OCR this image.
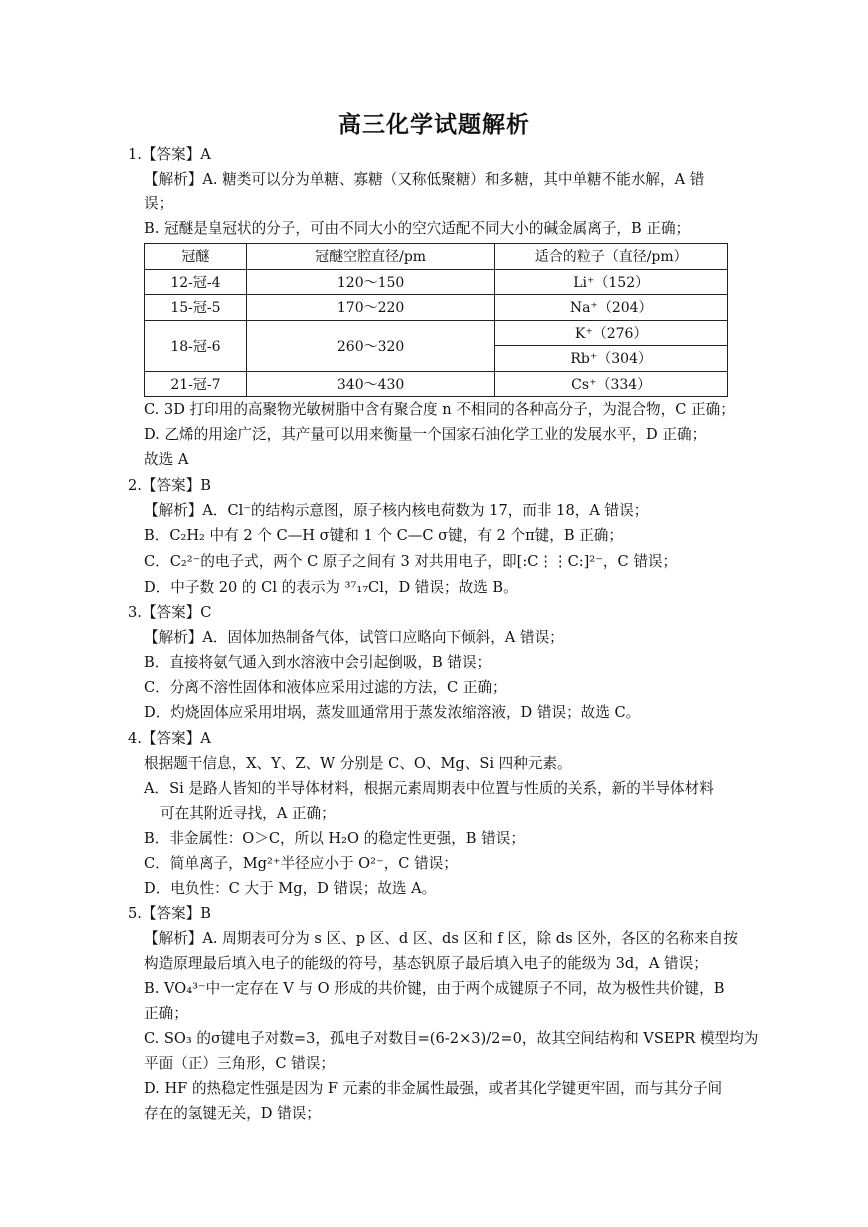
高三化学试题解析
1.【答案】A
【解析】A. 糖类可以分为单糖、寡糖（又称低聚糖）和多糖，其中单糖不能水解，A 错
误；
B. 冠醚是皇冠状的分子，可由不同大小的空穴适配不同大小的碱金属离子，B 正确；
冠醚	冠醚空腔直径/pm	适合的粒子（直径/pm）
12-冠-4	120～150	Li⁺（152）
15-冠-5	170～220	Na⁺（204）
18-冠-6	260～320	K⁺（276）
		Rb⁺（304）
21-冠-7	340～430	Cs⁺（334）
C. 3D 打印用的高聚物光敏树脂中含有聚合度 n 不相同的各种高分子，为混合物，C 正确；
D. 乙烯的用途广泛，其产量可以用来衡量一个国家石油化学工业的发展水平，D 正确；
故选 A
2.【答案】B
【解析】A．Cl⁻的结构示意图，原子核内核电荷数为 17，而非 18，A 错误；
B．C₂H₂ 中有 2 个 C—H σ键和 1 个 C—C σ键，有 2 个π键，B 正确；
C．C₂²⁻的电子式，两个 C 原子之间有 3 对共用电子，即[:C⋮⋮C:]²⁻，C 错误；
D．中子数 20 的 Cl 的表示为 ³⁷₁₇Cl，D 错误；故选 B。
3.【答案】C
【解析】A．固体加热制备气体，试管口应略向下倾斜，A 错误；
B．直接将氨气通入到水溶液中会引起倒吸，B 错误；
C．分离不溶性固体和液体应采用过滤的方法，C 正确；
D．灼烧固体应采用坩埚，蒸发皿通常用于蒸发浓缩溶液，D 错误；故选 C。
4.【答案】A
根据题干信息，X、Y、Z、W 分别是 C、O、Mg、Si 四种元素。
A．Si 是路人皆知的半导体材料，根据元素周期表中位置与性质的关系，新的半导体材料
可在其附近寻找，A 正确；
B．非金属性：O＞C，所以 H₂O 的稳定性更强，B 错误；
C．简单离子，Mg²⁺半径应小于 O²⁻，C 错误；
D．电负性：C 大于 Mg，D 错误；故选 A。
5.【答案】B
【解析】A. 周期表可分为 s 区、p 区、d 区、ds 区和 f 区，除 ds 区外，各区的名称来自按
构造原理最后填入电子的能级的符号，基态钒原子最后填入电子的能级为 3d，A 错误；
B. VO₄³⁻中一定存在 V 与 O 形成的共价键，由于两个成键原子不同，故为极性共价键，B
正确；
C. SO₃ 的σ键电子对数=3，孤电子对数目=(6-2×3)/2=0，故其空间结构和 VSEPR 模型均为
平面（正）三角形，C 错误；
D. HF 的热稳定性强是因为 F 元素的非金属性最强，或者其化学键更牢固，而与其分子间
存在的氢键无关，D 错误；
